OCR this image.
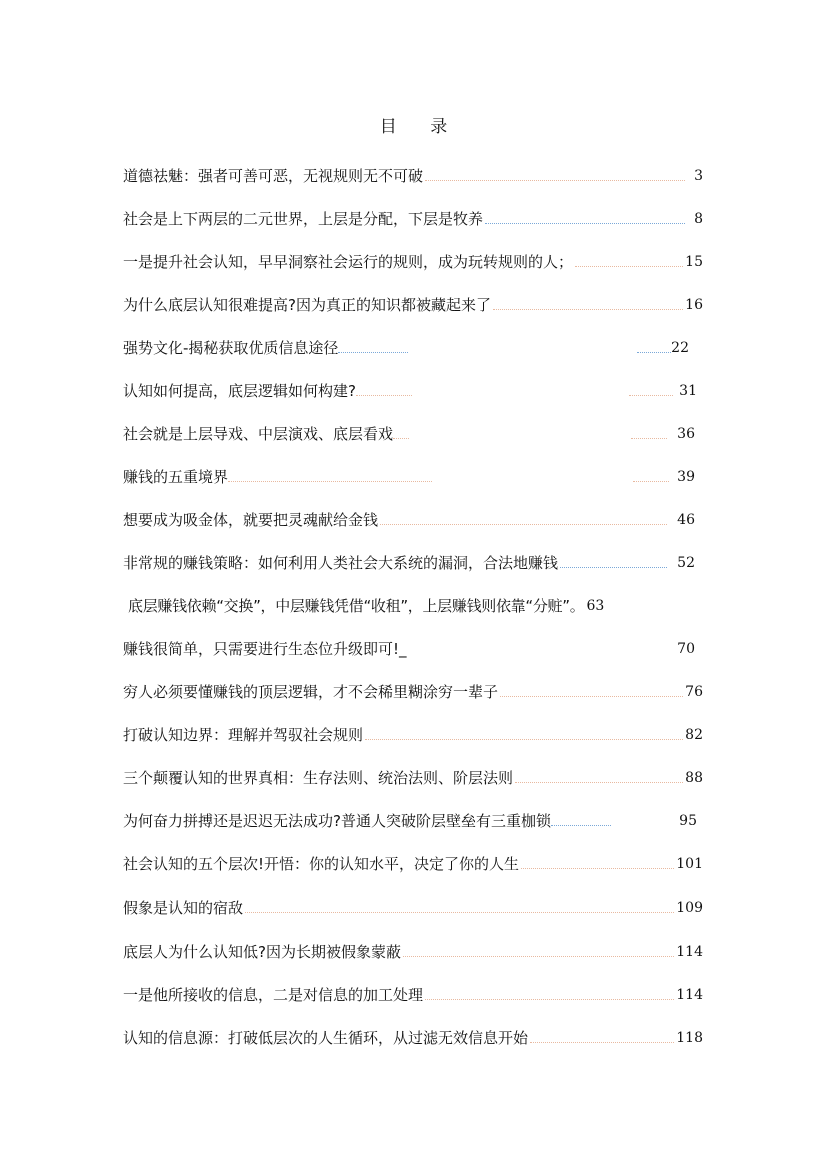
目 录
道德祛魅：强者可善可恶，无视规则无不可破	3
社会是上下两层的二元世界，上层是分配，下层是牧养	8
一是提升社会认知，早早洞察社会运行的规则，成为玩转规则的人；	15
为什么底层认知很难提高?因为真正的知识都被藏起来了	16
强势文化-揭秘获取优质信息途径	22
认知如何提高，底层逻辑如何构建?	31
社会就是上层导戏、中层演戏、底层看戏	36
赚钱的五重境界	39
想要成为吸金体，就要把灵魂献给金钱	46
非常规的赚钱策略：如何利用人类社会大系统的漏洞，合法地赚钱	52
底层赚钱依赖“交换”，中层赚钱凭借“收租”，上层赚钱则依靠“分赃”。 63
赚钱很简单，只需要进行生态位升级即可!_	70
穷人必须要懂赚钱的顶层逻辑，才不会稀里糊涂穷一辈子	76
打破认知边界：理解并驾驭社会规则	82
三个颠覆认知的世界真相：生存法则、统治法则、阶层法则	88
为何奋力拼搏还是迟迟无法成功?普通人突破阶层壁垒有三重枷锁	95
社会认知的五个层次!开悟：你的认知水平，决定了你的人生	101
假象是认知的宿敌	109
底层人为什么认知低?因为长期被假象蒙蔽	114
一是他所接收的信息，二是对信息的加工处理	114
认知的信息源：打破低层次的人生循环，从过滤无效信息开始	118
